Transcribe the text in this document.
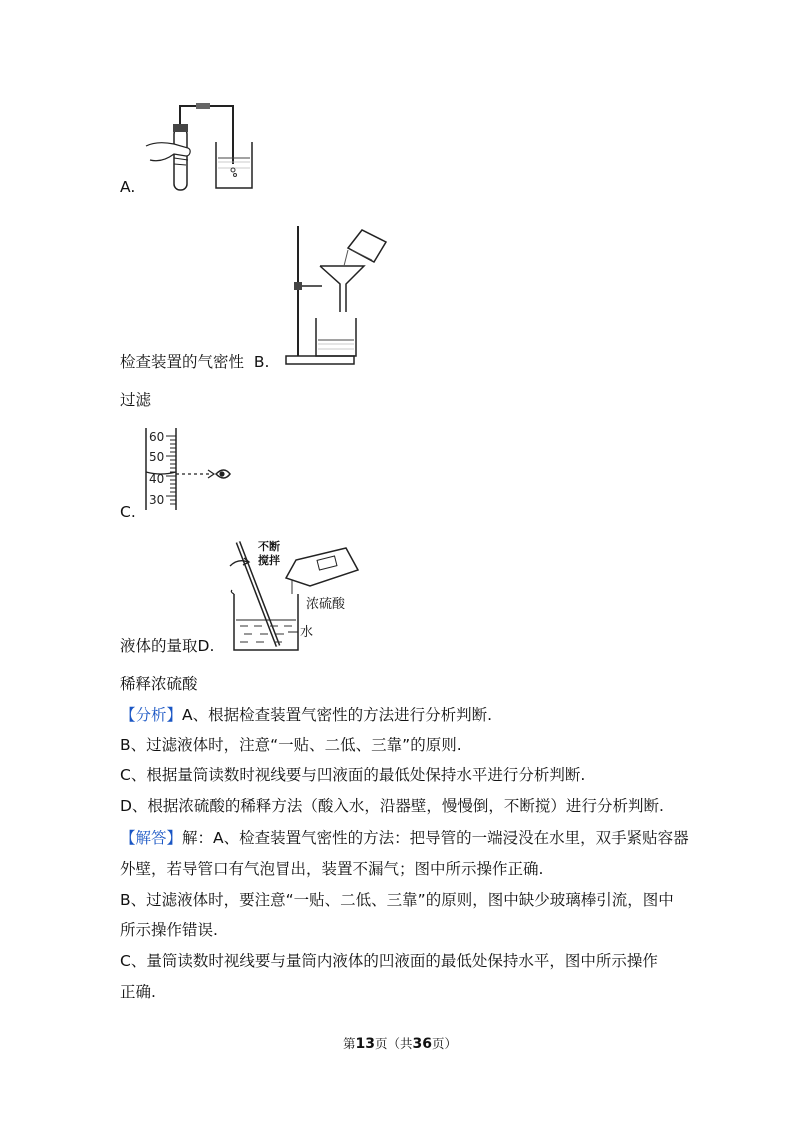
A.
检查装置的气密性 B.
过滤
60
50
40
30
C.
不断
搅拌
浓硫酸
水
液体的量取D.
稀释浓硫酸
【分析】A、根据检查装置气密性的方法进行分析判断.
B、过滤液体时，注意“一贴、二低、三靠”的原则.
C、根据量筒读数时视线要与凹液面的最低处保持水平进行分析判断.
D、根据浓硫酸的稀释方法（酸入水，沿器壁，慢慢倒，不断搅）进行分析判断.
【解答】解：A、检查装置气密性的方法：把导管的一端浸没在水里，双手紧贴容器
外壁，若导管口有气泡冒出，装置不漏气；图中所示操作正确.
B、过滤液体时，要注意“一贴、二低、三靠”的原则，图中缺少玻璃棒引流，图中
所示操作错误.
C、量筒读数时视线要与量筒内液体的凹液面的最低处保持水平，图中所示操作
正确.
第13页（共36页）
